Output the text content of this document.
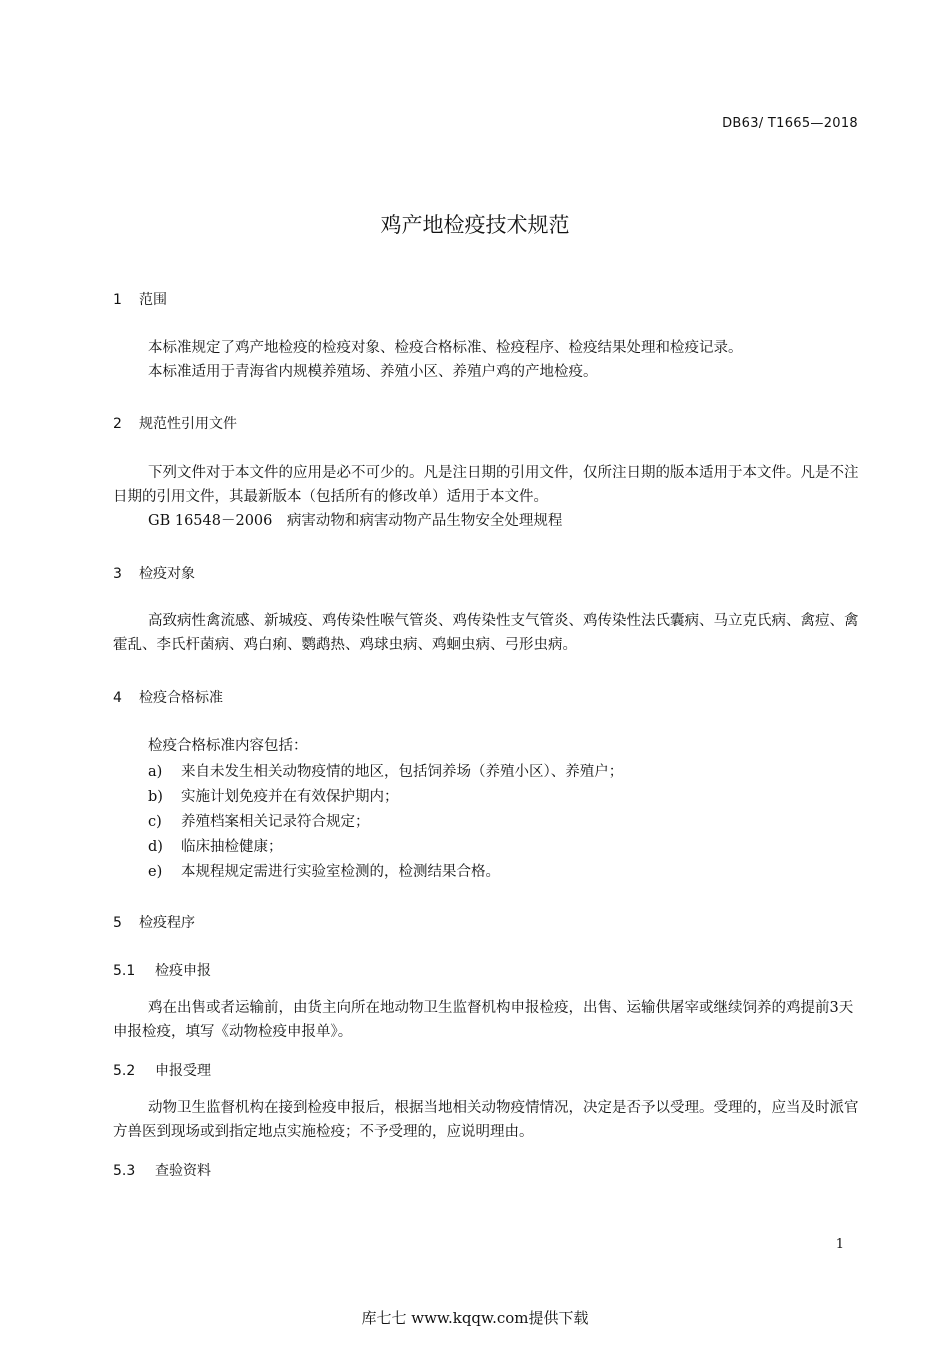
DB63/ T1665—2018
鸡产地检疫技术规范
1 范围
本标准规定了鸡产地检疫的检疫对象、检疫合格标准、检疫程序、检疫结果处理和检疫记录。
本标准适用于青海省内规模养殖场、养殖小区、养殖户鸡的产地检疫。
2 规范性引用文件
下列文件对于本文件的应用是必不可少的。凡是注日期的引用文件，仅所注日期的版本适用于本文件。凡是不注日期的引用文件，其最新版本（包括所有的修改单）适用于本文件。
GB 16548－2006　病害动物和病害动物产品生物安全处理规程
3 检疫对象
高致病性禽流感、新城疫、鸡传染性喉气管炎、鸡传染性支气管炎、鸡传染性法氏囊病、马立克氏病、禽痘、禽霍乱、李氏杆菌病、鸡白痢、鹦鹉热、鸡球虫病、鸡蛔虫病、弓形虫病。
4 检疫合格标准
检疫合格标准内容包括：
a) 来自未发生相关动物疫情的地区，包括饲养场（养殖小区）、养殖户；
b) 实施计划免疫并在有效保护期内；
c) 养殖档案相关记录符合规定；
d) 临床抽检健康；
e) 本规程规定需进行实验室检测的，检测结果合格。
5 检疫程序
5.1 检疫申报
鸡在出售或者运输前，由货主向所在地动物卫生监督机构申报检疫，出售、运输供屠宰或继续饲养的鸡提前3天申报检疫，填写《动物检疫申报单》。
5.2 申报受理
动物卫生监督机构在接到检疫申报后，根据当地相关动物疫情情况，决定是否予以受理。受理的，应当及时派官方兽医到现场或到指定地点实施检疫；不予受理的，应说明理由。
5.3 查验资料
1
库七七 www.kqqw.com提供下载
